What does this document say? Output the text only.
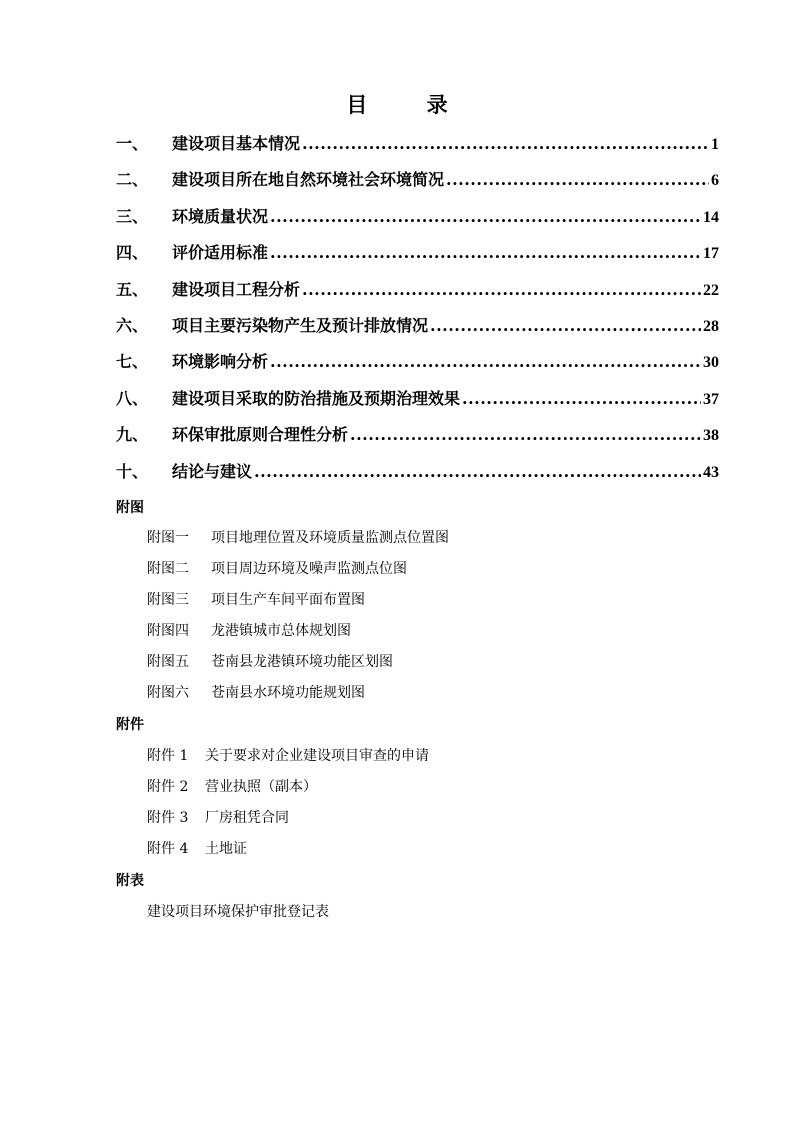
目 录
一、	建设项目基本情况 .....	1
二、	建设项目所在地自然环境社会环境简况 .....	6
三、	环境质量状况 .....	14
四、	评价适用标准 .....	17
五、	建设项目工程分析 .....	22
六、	项目主要污染物产生及预计排放情况 .....	28
七、	环境影响分析 .....	30
八、	建设项目采取的防治措施及预期治理效果 .....	37
九、	环保审批原则合理性分析 .....	38
十、	结论与建议 .....	43
附图
附图一 项目地理位置及环境质量监测点位置图
附图二 项目周边环境及噪声监测点位图
附图三 项目生产车间平面布置图
附图四 龙港镇城市总体规划图
附图五 苍南县龙港镇环境功能区划图
附图六 苍南县水环境功能规划图
附件
附件 1 关于要求对企业建设项目审查的申请
附件 2 营业执照（副本）
附件 3 厂房租凭合同
附件 4 土地证
附表
建设项目环境保护审批登记表
